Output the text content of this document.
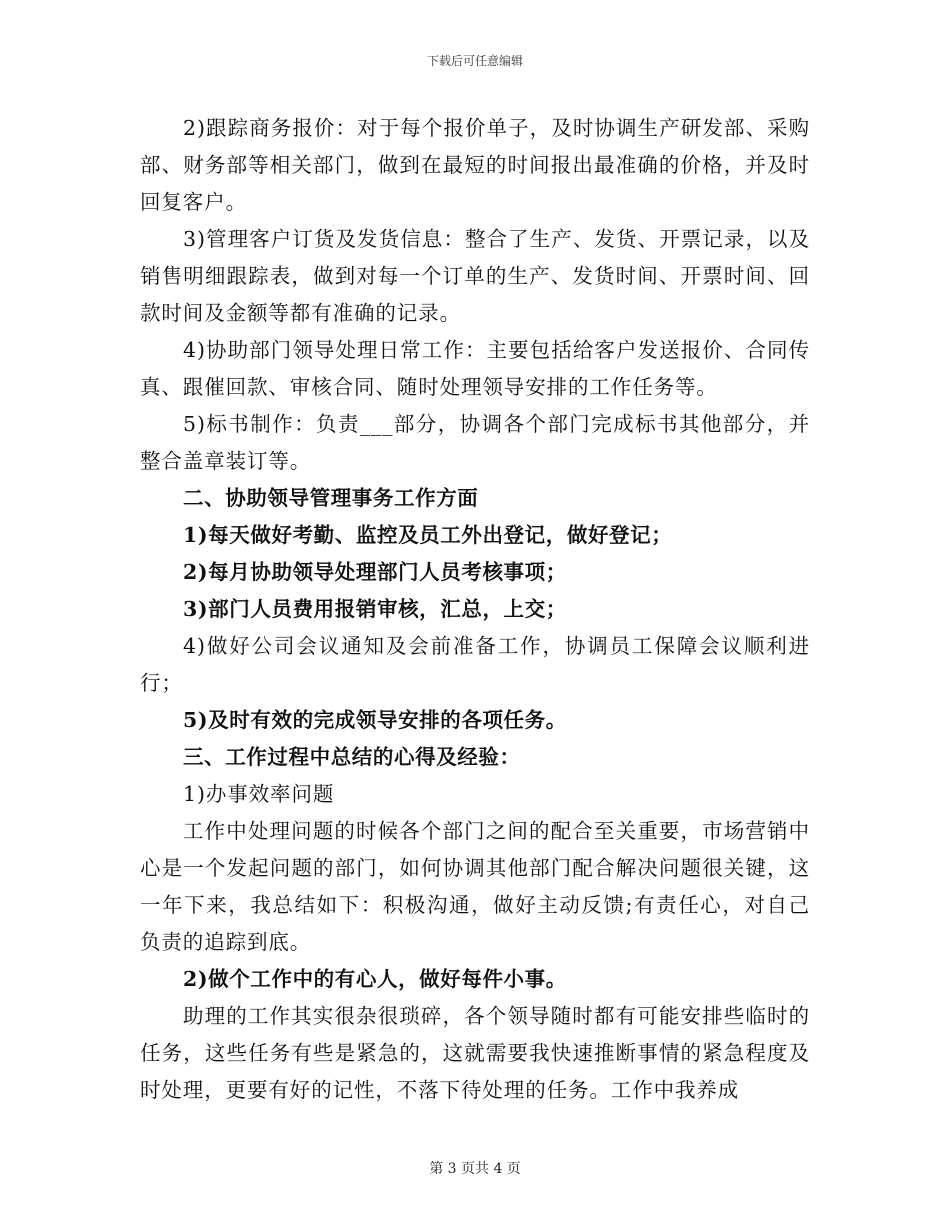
下载后可任意编辑

2)跟踪商务报价：对于每个报价单子，及时协调生产研发部、采购部、财务部等相关部门，做到在最短的时间报出最准确的价格，并及时回复客户。

3)管理客户订货及发货信息：整合了生产、发货、开票记录，以及销售明细跟踪表，做到对每一个订单的生产、发货时间、开票时间、回款时间及金额等都有准确的记录。

4)协助部门领导处理日常工作：主要包括给客户发送报价、合同传真、跟催回款、审核合同、随时处理领导安排的工作任务等。

5)标书制作：负责___部分，协调各个部门完成标书其他部分，并整合盖章装订等。

二、协助领导管理事务工作方面

1)每天做好考勤、监控及员工外出登记，做好登记；

2)每月协助领导处理部门人员考核事项；

3)部门人员费用报销审核，汇总，上交；

4)做好公司会议通知及会前准备工作，协调员工保障会议顺利进行；

5)及时有效的完成领导安排的各项任务。

三、工作过程中总结的心得及经验：

1)办事效率问题

工作中处理问题的时候各个部门之间的配合至关重要，市场营销中心是一个发起问题的部门，如何协调其他部门配合解决问题很关键，这一年下来，我总结如下：积极沟通，做好主动反馈;有责任心，对自己负责的追踪到底。

2)做个工作中的有心人，做好每件小事。

助理的工作其实很杂很琐碎，各个领导随时都有可能安排些临时的任务，这些任务有些是紧急的，这就需要我快速推断事情的紧急程度及时处理，更要有好的记性，不落下待处理的任务。工作中我养成

第 3 页共 4 页
